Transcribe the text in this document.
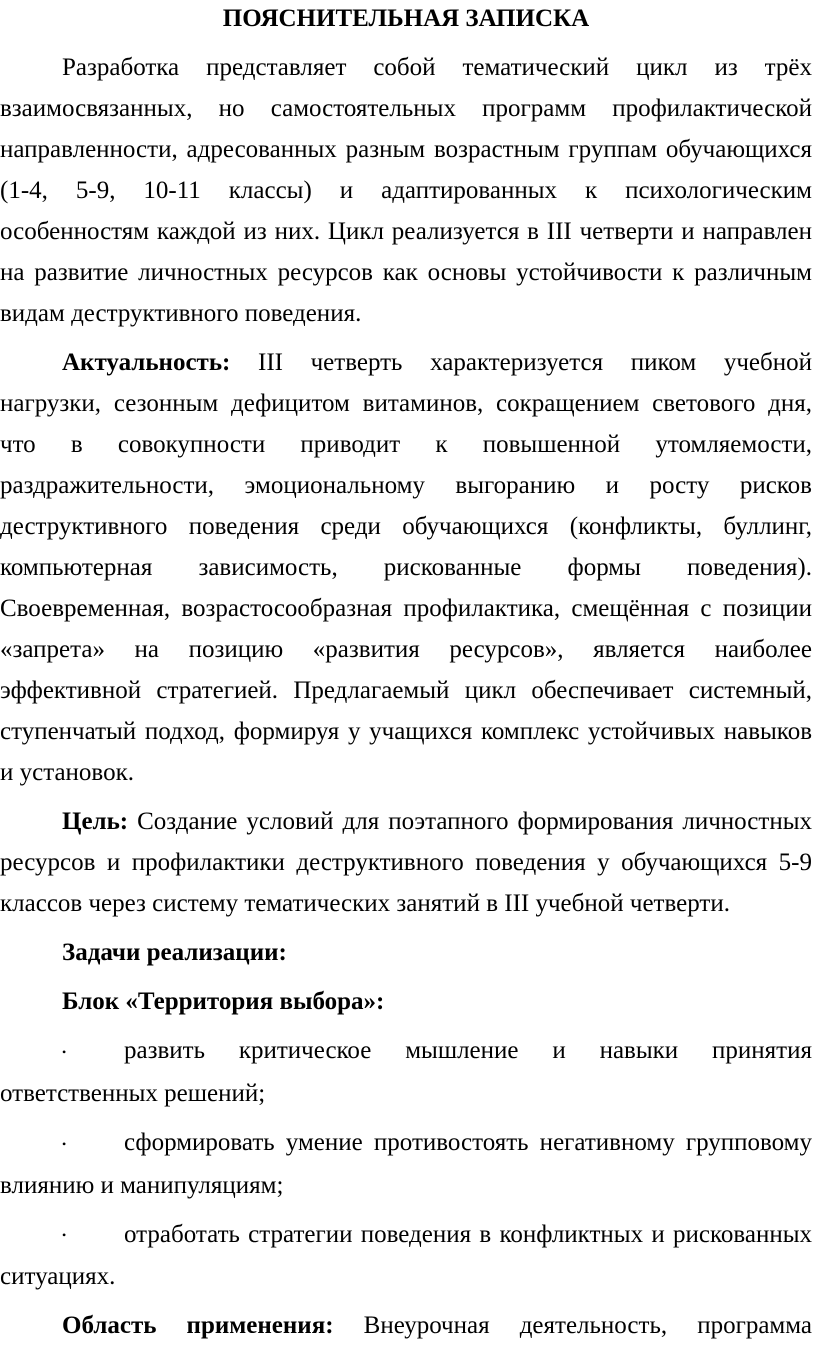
ПОЯСНИТЕЛЬНАЯ ЗАПИСКА

Разработка представляет собой тематический цикл из трёх взаимосвязанных, но самостоятельных программ профилактической направленности, адресованных разным возрастным группам обучающихся (1-4, 5-9, 10-11 классы) и адаптированных к психологическим особенностям каждой из них. Цикл реализуется в III четверти и направлен на развитие личностных ресурсов как основы устойчивости к различным видам деструктивного поведения.

Актуальность: III четверть характеризуется пиком учебной нагрузки, сезонным дефицитом витаминов, сокращением светового дня, что в совокупности приводит к повышенной утомляемости, раздражительности, эмоциональному выгоранию и росту рисков деструктивного поведения среди обучающихся (конфликты, буллинг, компьютерная зависимость, рискованные формы поведения). Своевременная, возрастосообразная профилактика, смещённая с позиции «запрета» на позицию «развития ресурсов», является наиболее эффективной стратегией. Предлагаемый цикл обеспечивает системный, ступенчатый подход, формируя у учащихся комплекс устойчивых навыков и установок.

Цель: Создание условий для поэтапного формирования личностных ресурсов и профилактики деструктивного поведения у обучающихся 5-9 классов через систему тематических занятий в III учебной четверти.

Задачи реализации:

Блок «Территория выбора»:

• развить критическое мышление и навыки принятия ответственных решений;

• сформировать умение противостоять негативному групповому влиянию и манипуляциям;

• отработать стратегии поведения в конфликтных и рискованных ситуациях.

Область применения: Внеурочная деятельность, программа
